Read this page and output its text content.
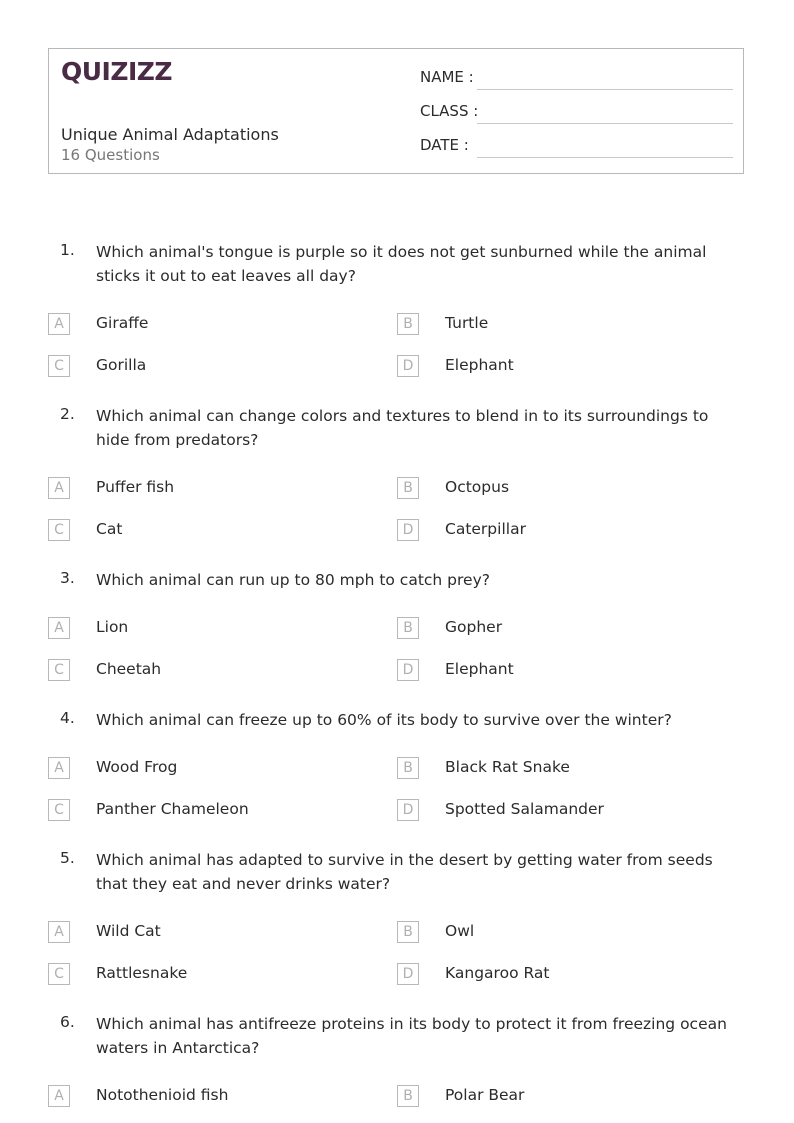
QUIZIZZ
Unique Animal Adaptations
16 Questions
NAME :
CLASS :
DATE :
1. Which animal's tongue is purple so it does not get sunburned while the animal sticks it out to eat leaves all day?
A	Giraffe	B	Turtle
C	Gorilla	D	Elephant
2. Which animal can change colors and textures to blend in to its surroundings to hide from predators?
A	Puffer fish	B	Octopus
C	Cat	D	Caterpillar
3. Which animal can run up to 80 mph to catch prey?
A	Lion	B	Gopher
C	Cheetah	D	Elephant
4. Which animal can freeze up to 60% of its body to survive over the winter?
A	Wood Frog	B	Black Rat Snake
C	Panther Chameleon	D	Spotted Salamander
5. Which animal has adapted to survive in the desert by getting water from seeds that they eat and never drinks water?
A	Wild Cat	B	Owl
C	Rattlesnake	D	Kangaroo Rat
6. Which animal has antifreeze proteins in its body to protect it from freezing ocean waters in Antarctica?
A	Notothenioid fish	B	Polar Bear
